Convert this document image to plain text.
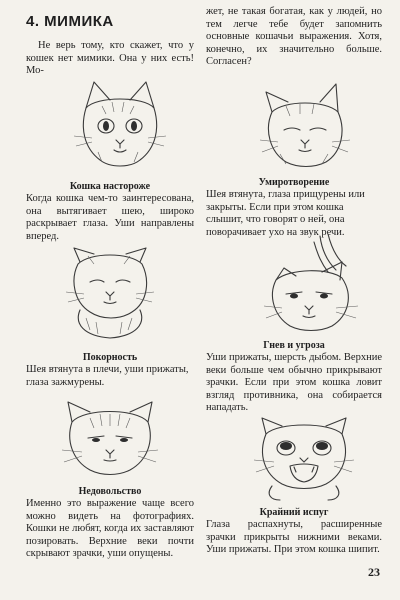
4. МИМИКА

Не верь тому, кто скажет, что у кошек нет мимики. Она у них есть! Мо-

Кошка настороже

Когда кошка чем-то заинтересована, она вытягивает шею, широко раскрывает глаза. Уши направлены вперед.

Покорность

Шея втянута в плечи, уши прижаты, глаза зажмурены.

Недовольство

Именно это выражение чаще всего можно видеть на фотографиях. Кошки не любят, когда их заставляют позировать. Верхние веки почти скрывают зрачки, уши опущены.

жет, не такая богатая, как у людей, но тем легче тебе будет запомнить основные кошачьи выражения. Хотя, конечно, их значительно больше. Согласен?

Умиротворение

Шея втянута, глаза прищурены или закрыты. Если при этом кошка слышит, что говорят о ней, она поворачивает ухо на звук речи.

Гнев и угроза

Уши прижаты, шерсть дыбом. Верхние веки больше чем обычно прикрывают зрачки. Если при этом кошка ловит взгляд противника, она собирается нападать.

Крайний испуг

Глаза распахнуты, расширенные зрачки прикрыты нижними веками. Уши прижаты. При этом кошка шипит.

23
